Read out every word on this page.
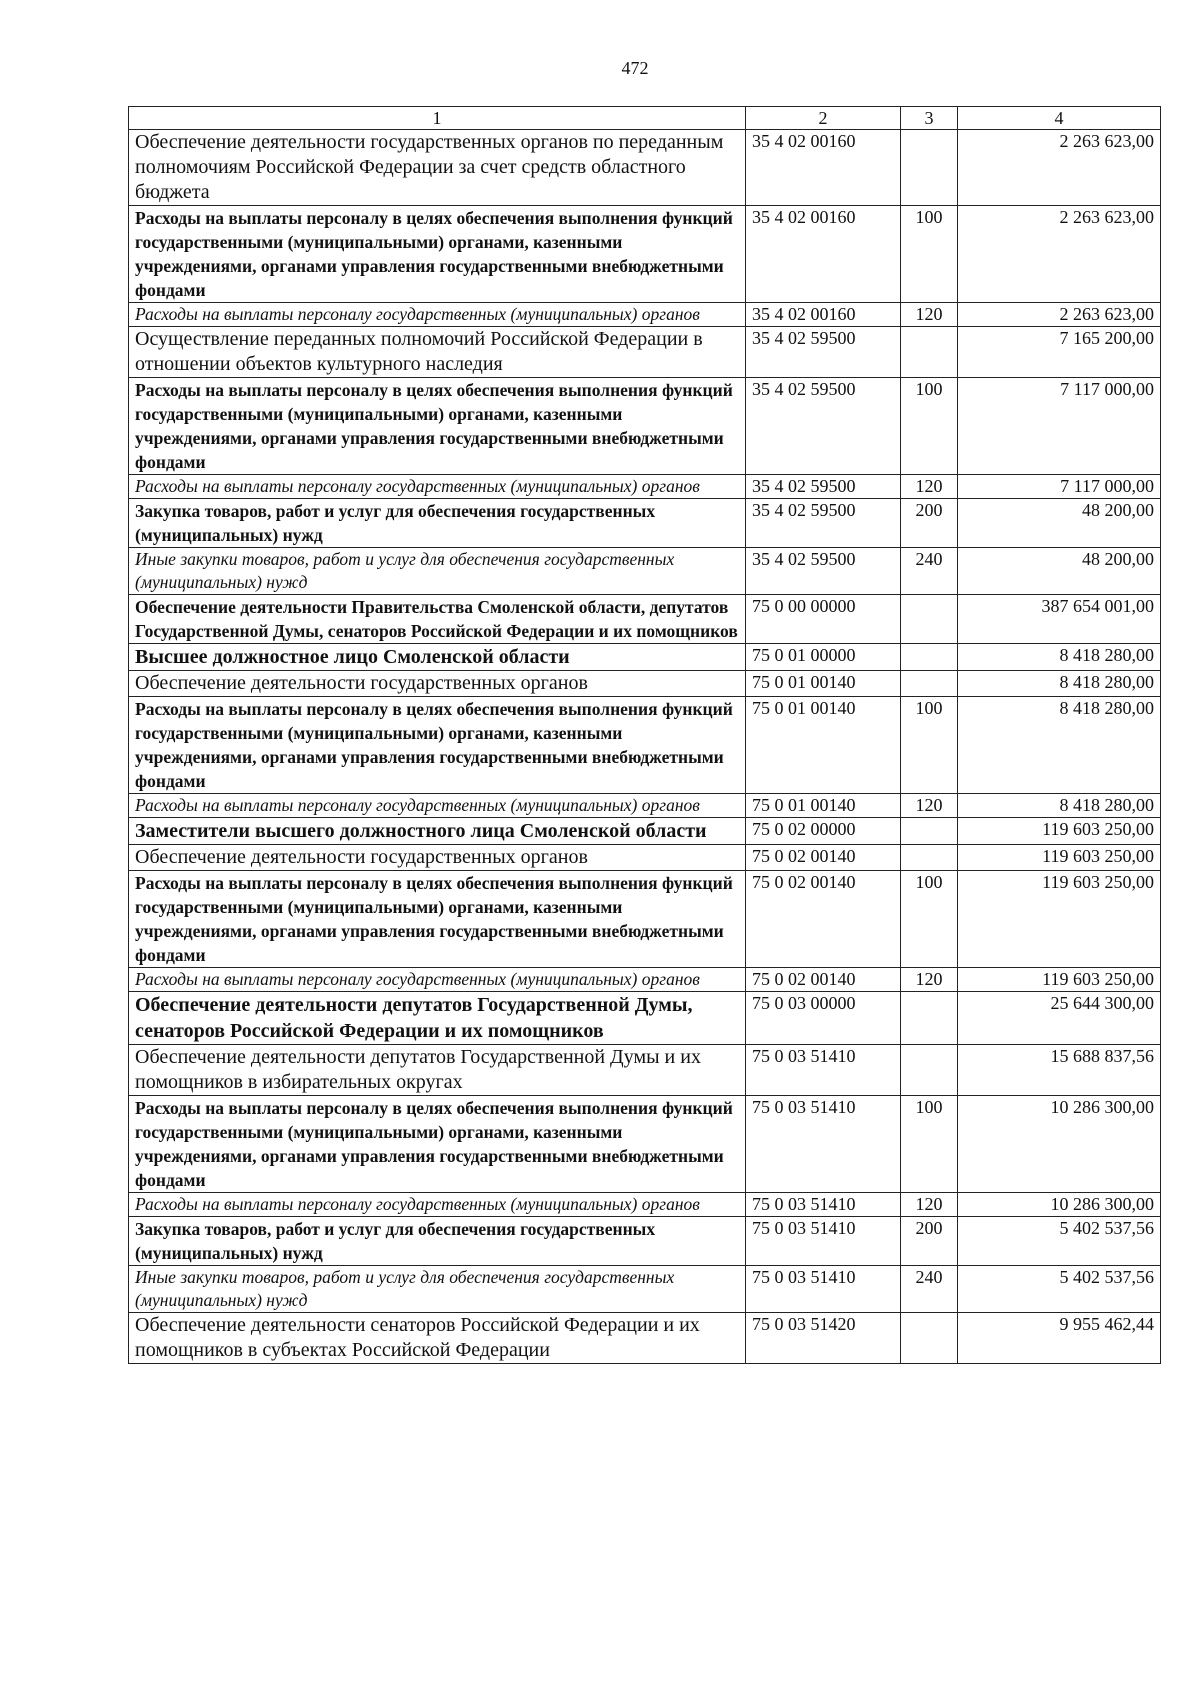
472
1	2	3	4
Обеспечение деятельности государственных органов по переданным полномочиям Российской Федерации за счет средств областного бюджета	35 4 02 00160		2 263 623,00
Расходы на выплаты персоналу в целях обеспечения выполнения функций государственными (муниципальными) органами, казенными учреждениями, органами управления государственными внебюджетными фондами	35 4 02 00160	100	2 263 623,00
Расходы на выплаты персоналу государственных (муниципальных) органов	35 4 02 00160	120	2 263 623,00
Осуществление переданных полномочий Российской Федерации в отношении объектов культурного наследия	35 4 02 59500		7 165 200,00
Расходы на выплаты персоналу в целях обеспечения выполнения функций государственными (муниципальными) органами, казенными учреждениями, органами управления государственными внебюджетными фондами	35 4 02 59500	100	7 117 000,00
Расходы на выплаты персоналу государственных (муниципальных) органов	35 4 02 59500	120	7 117 000,00
Закупка товаров, работ и услуг для обеспечения государственных (муниципальных) нужд	35 4 02 59500	200	48 200,00
Иные закупки товаров, работ и услуг для обеспечения государственных (муниципальных) нужд	35 4 02 59500	240	48 200,00
Обеспечение деятельности Правительства Смоленской области, депутатов Государственной Думы, сенаторов Российской Федерации и их помощников	75 0 00 00000		387 654 001,00
Высшее должностное лицо Смоленской области	75 0 01 00000		8 418 280,00
Обеспечение деятельности государственных органов	75 0 01 00140		8 418 280,00
Расходы на выплаты персоналу в целях обеспечения выполнения функций государственными (муниципальными) органами, казенными учреждениями, органами управления государственными внебюджетными фондами	75 0 01 00140	100	8 418 280,00
Расходы на выплаты персоналу государственных (муниципальных) органов	75 0 01 00140	120	8 418 280,00
Заместители высшего должностного лица Смоленской области	75 0 02 00000		119 603 250,00
Обеспечение деятельности государственных органов	75 0 02 00140		119 603 250,00
Расходы на выплаты персоналу в целях обеспечения выполнения функций государственными (муниципальными) органами, казенными учреждениями, органами управления государственными внебюджетными фондами	75 0 02 00140	100	119 603 250,00
Расходы на выплаты персоналу государственных (муниципальных) органов	75 0 02 00140	120	119 603 250,00
Обеспечение деятельности депутатов Государственной Думы, сенаторов Российской Федерации и их помощников	75 0 03 00000		25 644 300,00
Обеспечение деятельности депутатов Государственной Думы и их помощников в избирательных округах	75 0 03 51410		15 688 837,56
Расходы на выплаты персоналу в целях обеспечения выполнения функций государственными (муниципальными) органами, казенными учреждениями, органами управления государственными внебюджетными фондами	75 0 03 51410	100	10 286 300,00
Расходы на выплаты персоналу государственных (муниципальных) органов	75 0 03 51410	120	10 286 300,00
Закупка товаров, работ и услуг для обеспечения государственных (муниципальных) нужд	75 0 03 51410	200	5 402 537,56
Иные закупки товаров, работ и услуг для обеспечения государственных (муниципальных) нужд	75 0 03 51410	240	5 402 537,56
Обеспечение деятельности сенаторов Российской Федерации и их помощников в субъектах Российской Федерации	75 0 03 51420		9 955 462,44
